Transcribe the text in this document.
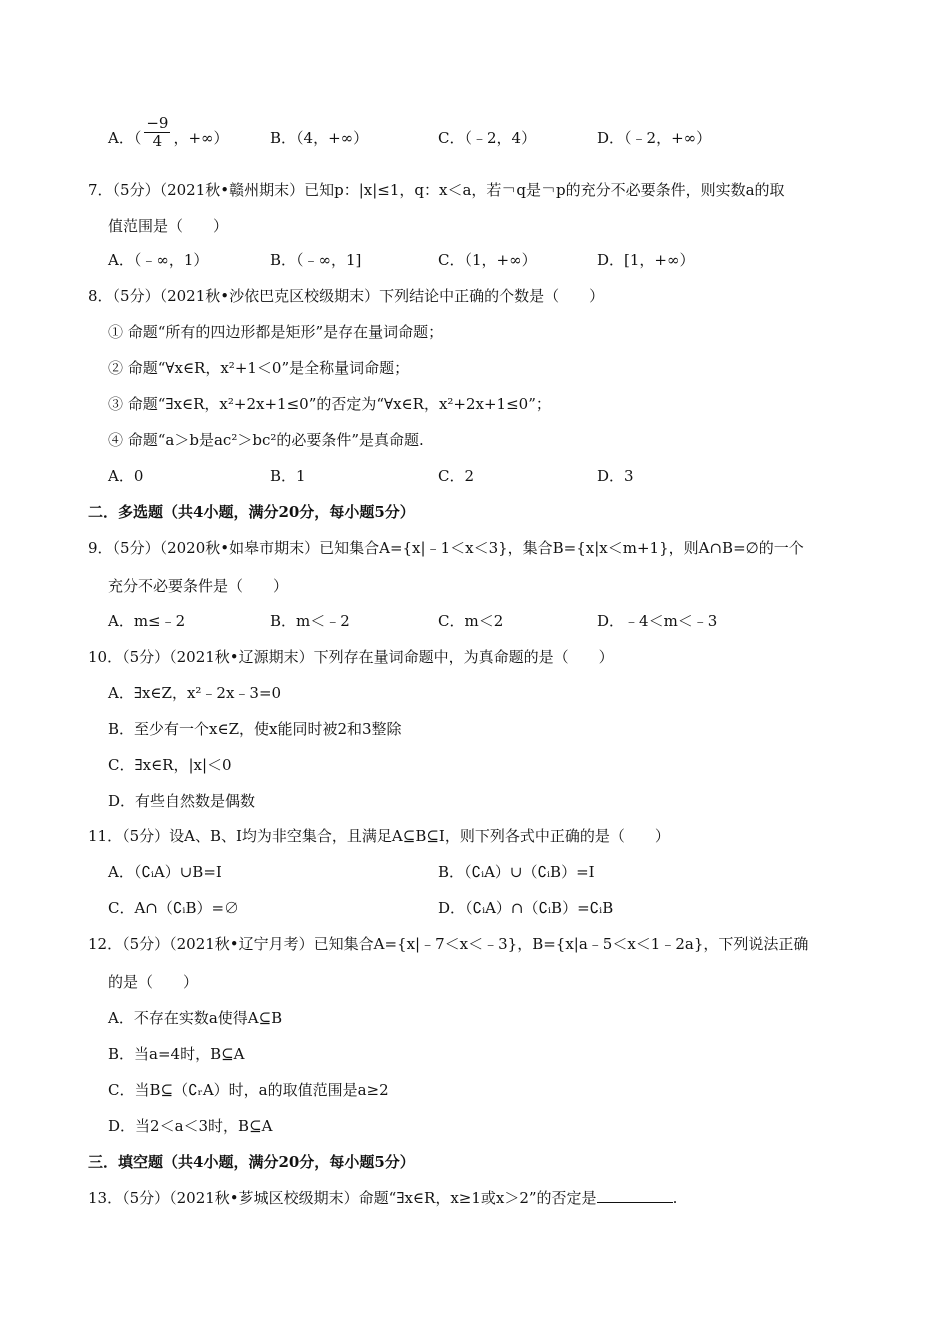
A．（ $\frac{-9}{4}$ ，+∞）	B．（4，+∞）	C．（﹣2，4）	D．（﹣2，+∞）
7．（5分）（2021秋•赣州期末）已知p：|x|≤1，q：x＜a，若￢q是￢p的充分不必要条件，则实数a的取
值范围是（　　）
A．（﹣∞，1）	B．（﹣∞，1]	C．（1，+∞）	D．[1，+∞）
8．（5分）（2021秋•沙依巴克区校级期末）下列结论中正确的个数是（　　）
① 命题“所有的四边形都是矩形”是存在量词命题；
② 命题“∀x∈R，x²+1＜0”是全称量词命题；
③ 命题“∃x∈R，x²+2x+1≤0”的否定为“∀x∈R，x²+2x+1≤0”；
④ 命题“a＞b是ac²＞bc²的必要条件”是真命题.
A．0	B．1	C．2	D．3
二．多选题（共4小题，满分20分，每小题5分）
9．（5分）（2020秋•如皋市期末）已知集合A={x|﹣1＜x＜3}，集合B={x|x＜m+1}，则A∩B=∅的一个
充分不必要条件是（　　）
A．m≤﹣2	B．m＜﹣2	C．m＜2	D．﹣4＜m＜﹣3
10．（5分）（2021秋•辽源期末）下列存在量词命题中，为真命题的是（　　）
A．∃x∈Z，x²﹣2x﹣3=0
B．至少有一个x∈Z，使x能同时被2和3整除
C．∃x∈R，|x|＜0
D．有些自然数是偶数
11．（5分）设A、B、I均为非空集合，且满足A⊆B⊆I，则下列各式中正确的是（　　）
A．（∁ᵢA）∪B=I	B．（∁ᵢA）∪（∁ᵢB）=I
C．A∩（∁ᵢB）=∅	D．（∁ᵢA）∩（∁ᵢB）=∁ᵢB
12．（5分）（2021秋•辽宁月考）已知集合A={x|﹣7＜x＜﹣3}，B={x|a﹣5＜x＜1﹣2a}，下列说法正确
的是（　　）
A．不存在实数a使得A⊆B
B．当a=4时，B⊆A
C．当B⊆（∁ᵣA）时，a的取值范围是a≥2
D．当2＜a＜3时，B⊆A
三．填空题（共4小题，满分20分，每小题5分）
13．（5分）（2021秋•芗城区校级期末）命题“∃x∈R，x≥1或x＞2”的否定是	.
